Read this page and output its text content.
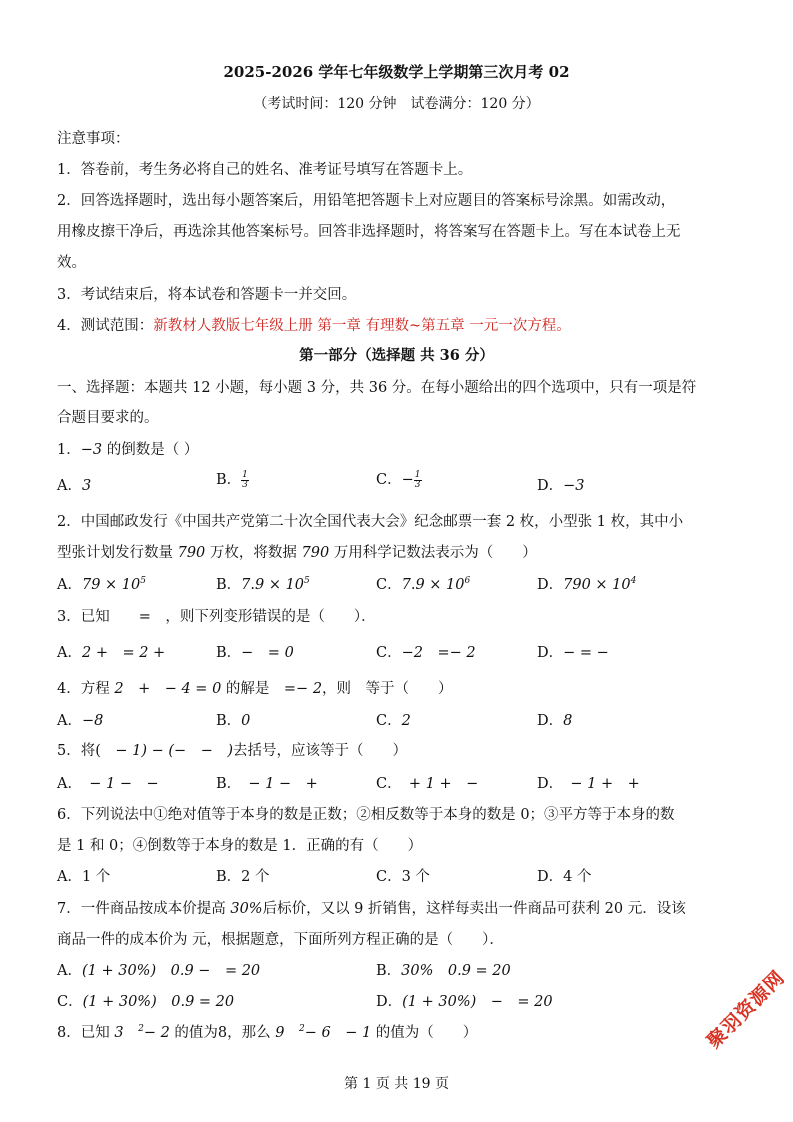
2025-2026 学年七年级数学上学期第三次月考 02
（考试时间：120 分钟　试卷满分：120 分）
注意事项：
1．答卷前，考生务必将自己的姓名、准考证号填写在答题卡上。
2．回答选择题时，选出每小题答案后，用铅笔把答题卡上对应题目的答案标号涂黑。如需改动，
用橡皮擦干净后，再选涂其他答案标号。回答非选择题时，将答案写在答题卡上。写在本试卷上无
效。
3．考试结束后，将本试卷和答题卡一并交回。
4．测试范围：新教材人教版七年级上册 第一章 有理数~第五章 一元一次方程。
第一部分（选择题 共 36 分）
一、选择题：本题共 12 小题，每小题 3 分，共 36 分。在每小题给出的四个选项中，只有一项是符
合题目要求的。
1．−3 的倒数是（ ）
A．3	B． $\frac{1}{3}$	C．− $\frac{1}{3}$	D．−3
2．中国邮政发行《中国共产党第二十次全国代表大会》纪念邮票一套 2 枚，小型张 1 枚，其中小
型张计划发行数量 790 万枚，将数据 790 万用科学记数法表示为（　　）
A．$79 \times 10^5$	B．$7.9 \times 10^5$	C．$7.9 \times 10^6$	D．$790 \times 10^4$
3．已知　　 =　 ，则下列变形错误的是（　　）．
A．2 +　= 2 +	B．−　= 0	C．−2　=− 2	D．− = −
4．方程 2　+　− 4 = 0 的解是　 =− 2，则　 等于（　　）
A．−8	B．0	C．2	D．8
5．将(　− 1) − (−　−　)去括号，应该等于（　　）
A．　 − 1 −　−	B．　 − 1 −　+	C．　 + 1 +　−	D．　 − 1 +　+
6．下列说法中①绝对值等于本身的数是正数；②相反数等于本身的数是 0；③平方等于本身的数
是 1 和 0；④倒数等于本身的数是 1．正确的有（　　）
A．1 个	B．2 个	C．3 个	D．4 个
7．一件商品按成本价提高 30%后标价，又以 9 折销售，这样每卖出一件商品可获利 20 元．设该
商品一件的成本价为 元，根据题意，下面所列方程正确的是（　　）．
A．(1 + 30%)　0.9 −　= 20	B．30%　0.9 = 20
C．(1 + 30%)　0.9 = 20	D．(1 + 30%)　−　= 20
8．已知 3　$^2$− 2 的值为8，那么 9　$^2$− 6　− 1 的值为（　　）
第 1 页 共 19 页
聚羽资源网
